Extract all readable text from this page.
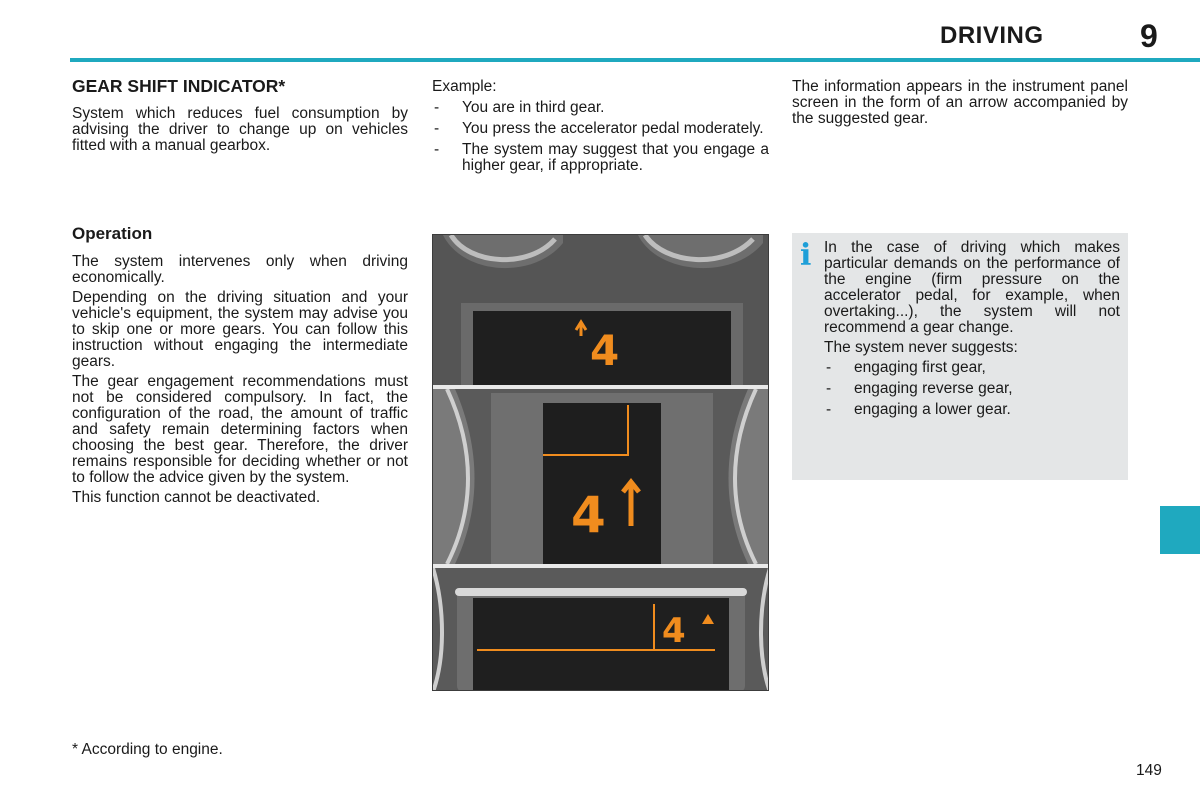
DRIVING	9
GEAR SHIFT INDICATOR*

System which reduces fuel consumption by advising the driver to change up on vehicles fitted with a manual gearbox.

Operation

The system intervenes only when driving economically.

Depending on the driving situation and your vehicle's equipment, the system may advise you to skip one or more gears. You can follow this instruction without engaging the intermediate gears.

The gear engagement recommendations must not be considered compulsory. In fact, the configuration of the road, the amount of traffic and safety remain determining factors when choosing the best gear. Therefore, the driver remains responsible for deciding whether or not to follow the advice given by the system.

This function cannot be deactivated.

Example:

- You are in third gear.
- You press the accelerator pedal moderately.
- The system may suggest that you engage a higher gear, if appropriate.

The information appears in the instrument panel screen in the form of an arrow accompanied by the suggested gear.

i In the case of driving which makes particular demands on the performance of the engine (firm pressure on the accelerator pedal, for example, when overtaking...), the system will not recommend a gear change.

The system never suggests:

- engaging first gear,
- engaging reverse gear,
- engaging a lower gear.
4
4
4
* According to engine.
149
